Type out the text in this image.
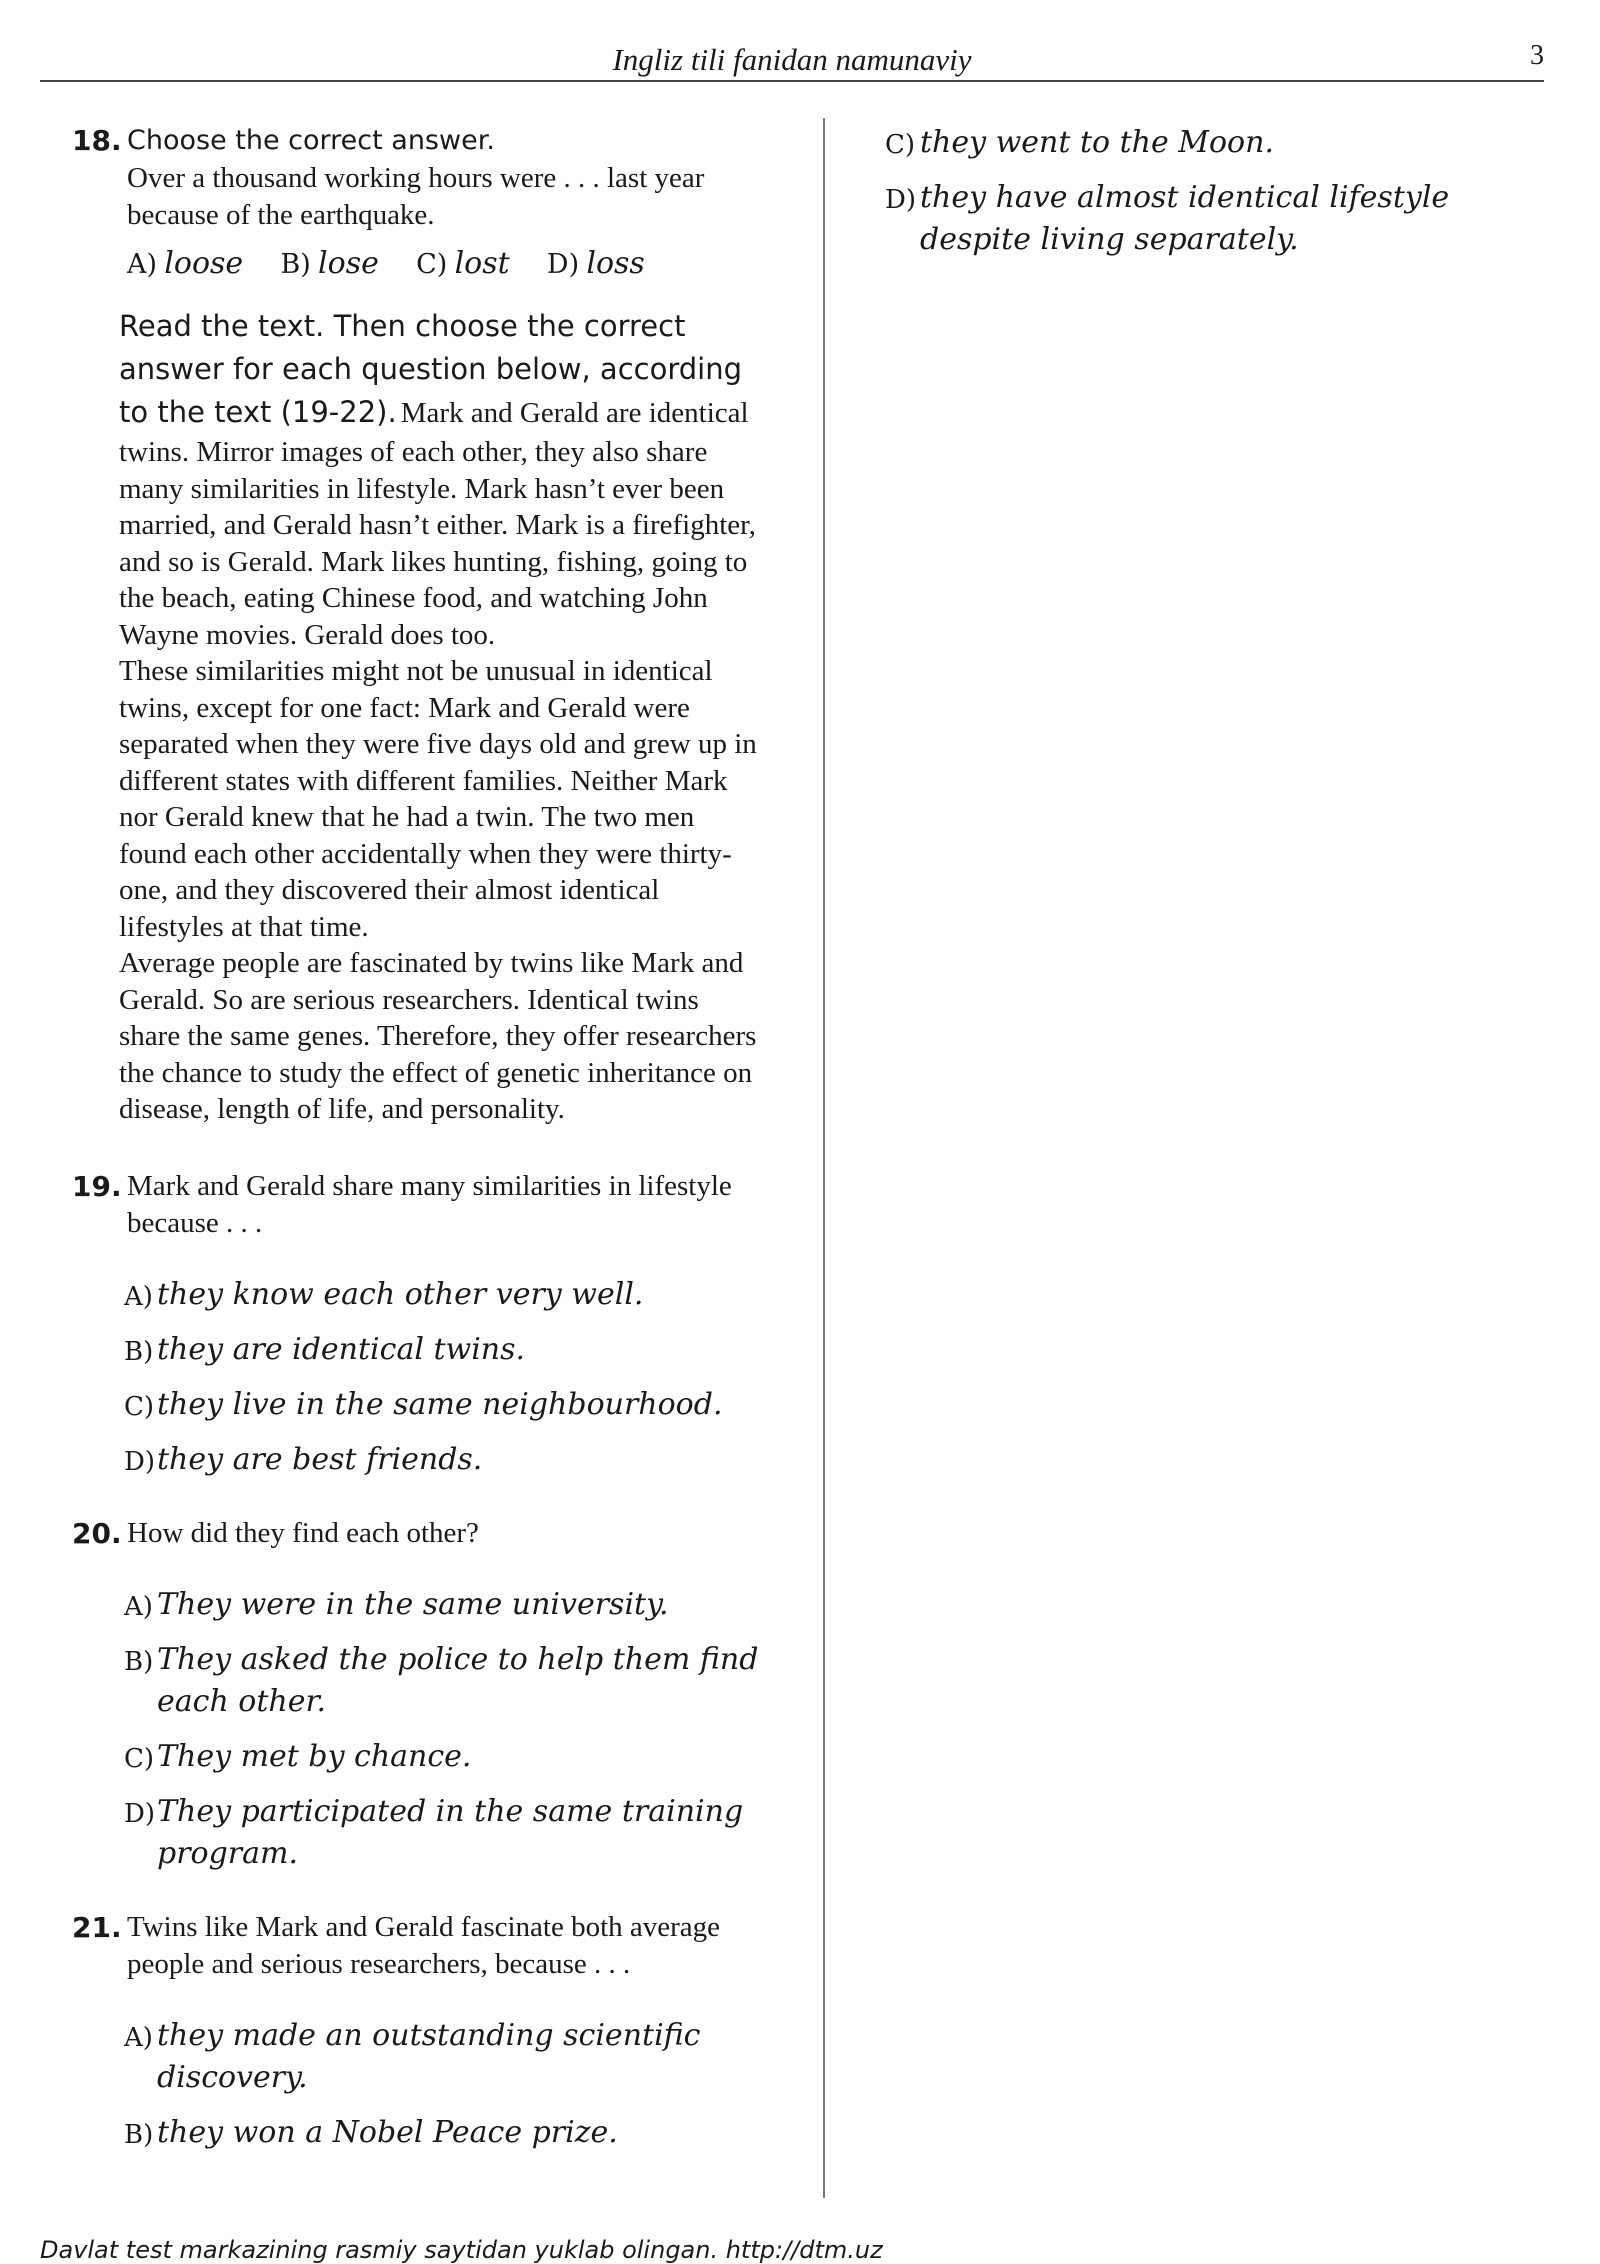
Ingliz tili fanidan namunaviy	3
18. Choose the correct answer.
Over a thousand working hours were . . . last year because of the earthquake.
A) loose B) lose C) lost D) loss
Read the text. Then choose the correct answer for each question below, according to the text (19-22). Mark and Gerald are identical twins. Mirror images of each other, they also share many similarities in lifestyle. Mark hasn’t ever been married, and Gerald hasn’t either. Mark is a firefighter, and so is Gerald. Mark likes hunting, fishing, going to the beach, eating Chinese food, and watching John Wayne movies. Gerald does too.

These similarities might not be unusual in identical twins, except for one fact: Mark and Gerald were separated when they were five days old and grew up in different states with different families. Neither Mark nor Gerald knew that he had a twin. The two men found each other accidentally when they were thirty-one, and they discovered their almost identical lifestyles at that time.

Average people are fascinated by twins like Mark and Gerald. So are serious researchers. Identical twins share the same genes. Therefore, they offer researchers the chance to study the effect of genetic inheritance on disease, length of life, and personality.

19. Mark and Gerald share many similarities in lifestyle because . . .
A) they know each other very well.
B) they are identical twins.
C) they live in the same neighbourhood.
D) they are best friends.
20. How did they find each other?
A) They were in the same university.
B) They asked the police to help them find each other.
C) They met by chance.
D) They participated in the same training program.
21. Twins like Mark and Gerald fascinate both average people and serious researchers, because . . .
A) they made an outstanding scientific discovery.
B) they won a Nobel Peace prize.
C) they went to the Moon.
D) they have almost identical lifestyle despite living separately.
Davlat test markazining rasmiy saytidan yuklab olingan. http://dtm.uz
